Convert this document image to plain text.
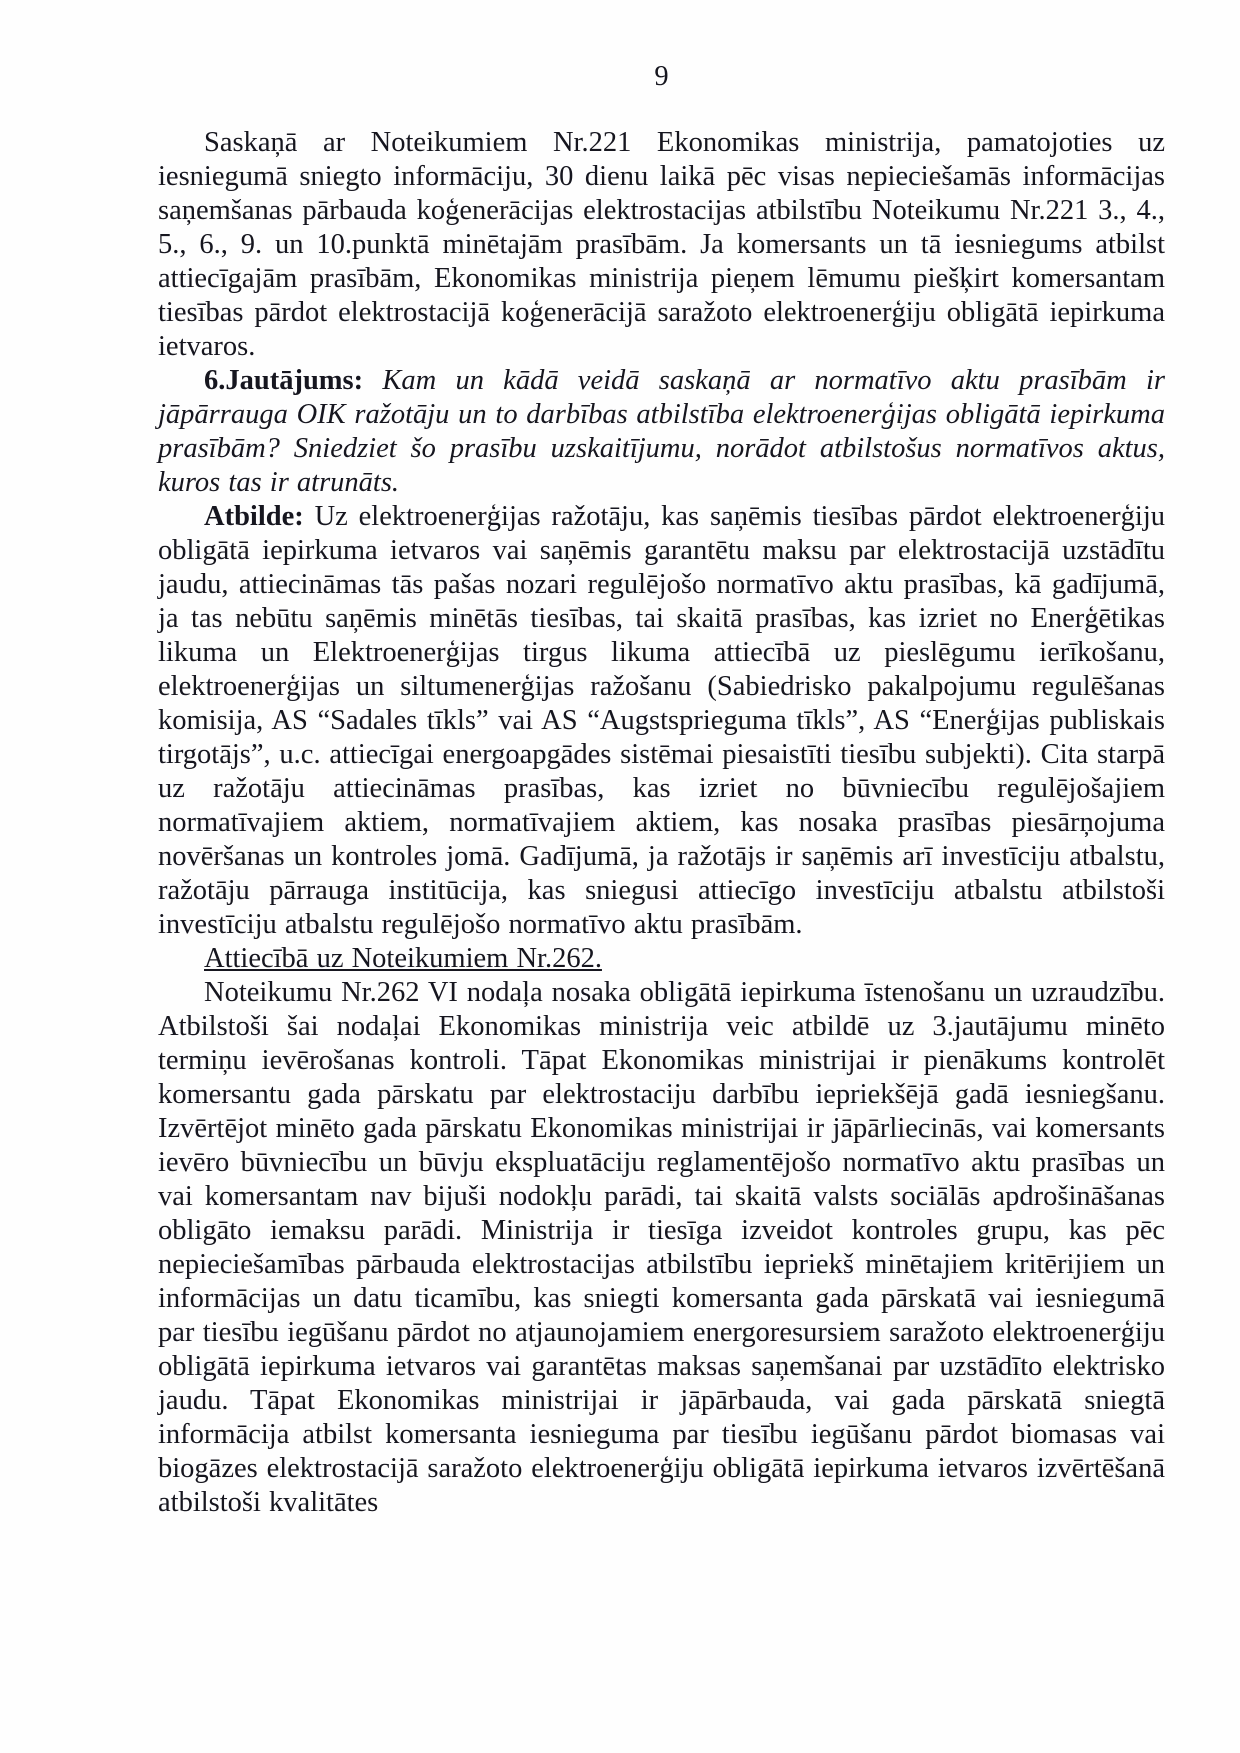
9

Saskaņā ar Noteikumiem Nr.221 Ekonomikas ministrija, pamatojoties uz iesniegumā sniegto informāciju, 30 dienu laikā pēc visas nepieciešamās informācijas saņemšanas pārbauda koģenerācijas elektrostacijas atbilstību Noteikumu Nr.221 3., 4., 5., 6., 9. un 10.punktā minētajām prasībām. Ja komersants un tā iesniegums atbilst attiecīgajām prasībām, Ekonomikas ministrija pieņem lēmumu piešķirt komersantam tiesības pārdot elektrostacijā koģenerācijā saražoto elektroenerģiju obligātā iepirkuma ietvaros.

6.Jautājums: Kam un kādā veidā saskaņā ar normatīvo aktu prasībām ir jāpārrauga OIK ražotāju un to darbības atbilstība elektroenerģijas obligātā iepirkuma prasībām? Sniedziet šo prasību uzskaitījumu, norādot atbilstošus normatīvos aktus, kuros tas ir atrunāts.

Atbilde: Uz elektroenerģijas ražotāju, kas saņēmis tiesības pārdot elektroenerģiju obligātā iepirkuma ietvaros vai saņēmis garantētu maksu par elektrostacijā uzstādītu jaudu, attiecināmas tās pašas nozari regulējošo normatīvo aktu prasības, kā gadījumā, ja tas nebūtu saņēmis minētās tiesības, tai skaitā prasības, kas izriet no Enerģētikas likuma un Elektroenerģijas tirgus likuma attiecībā uz pieslēgumu ierīkošanu, elektroenerģijas un siltumenerģijas ražošanu (Sabiedrisko pakalpojumu regulēšanas komisija, AS “Sadales tīkls” vai AS “Augstsprieguma tīkls”, AS “Enerģijas publiskais tirgotājs”, u.c. attiecīgai energoapgādes sistēmai piesaistīti tiesību subjekti). Cita starpā uz ražotāju attiecināmas prasības, kas izriet no būvniecību regulējošajiem normatīvajiem aktiem, normatīvajiem aktiem, kas nosaka prasības piesārņojuma novēršanas un kontroles jomā. Gadījumā, ja ražotājs ir saņēmis arī investīciju atbalstu, ražotāju pārrauga institūcija, kas sniegusi attiecīgo investīciju atbalstu atbilstoši investīciju atbalstu regulējošo normatīvo aktu prasībām.

Attiecībā uz Noteikumiem Nr.262.

Noteikumu Nr.262 VI nodaļa nosaka obligātā iepirkuma īstenošanu un uzraudzību. Atbilstoši šai nodaļai Ekonomikas ministrija veic atbildē uz 3.jautājumu minēto termiņu ievērošanas kontroli. Tāpat Ekonomikas ministrijai ir pienākums kontrolēt komersantu gada pārskatu par elektrostaciju darbību iepriekšējā gadā iesniegšanu. Izvērtējot minēto gada pārskatu Ekonomikas ministrijai ir jāpārliecinās, vai komersants ievēro būvniecību un būvju ekspluatāciju reglamentējošo normatīvo aktu prasības un vai komersantam nav bijuši nodokļu parādi, tai skaitā valsts sociālās apdrošināšanas obligāto iemaksu parādi. Ministrija ir tiesīga izveidot kontroles grupu, kas pēc nepieciešamības pārbauda elektrostacijas atbilstību iepriekš minētajiem kritērijiem un informācijas un datu ticamību, kas sniegti komersanta gada pārskatā vai iesniegumā par tiesību iegūšanu pārdot no atjaunojamiem energoresursiem saražoto elektroenerģiju obligātā iepirkuma ietvaros vai garantētas maksas saņemšanai par uzstādīto elektrisko jaudu. Tāpat Ekonomikas ministrijai ir jāpārbauda, vai gada pārskatā sniegtā informācija atbilst komersanta iesnieguma par tiesību iegūšanu pārdot biomasas vai biogāzes elektrostacijā saražoto elektroenerģiju obligātā iepirkuma ietvaros izvērtēšanā atbilstoši kvalitātes
